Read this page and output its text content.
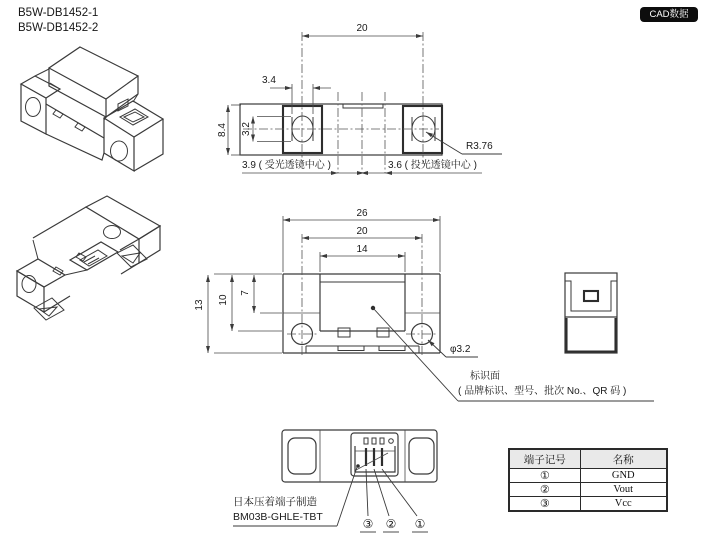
B5W-DB1452-1
B5W-DB1452-2
CAD数据
20
3.4
8.4 3.2
R3.76
3.9 ( 受光透镜中心 )	3.6 ( 投光透镜中心 )
26
20
14
13 10
7
φ3.2
标识面
( 品牌标识、型号、批次 No.、QR 码 )
日本压着端子制造
BM03B-GHLE-TBT	③ ② ①
端子记号	名称
①	GND
②	Vout
③	Vcc
